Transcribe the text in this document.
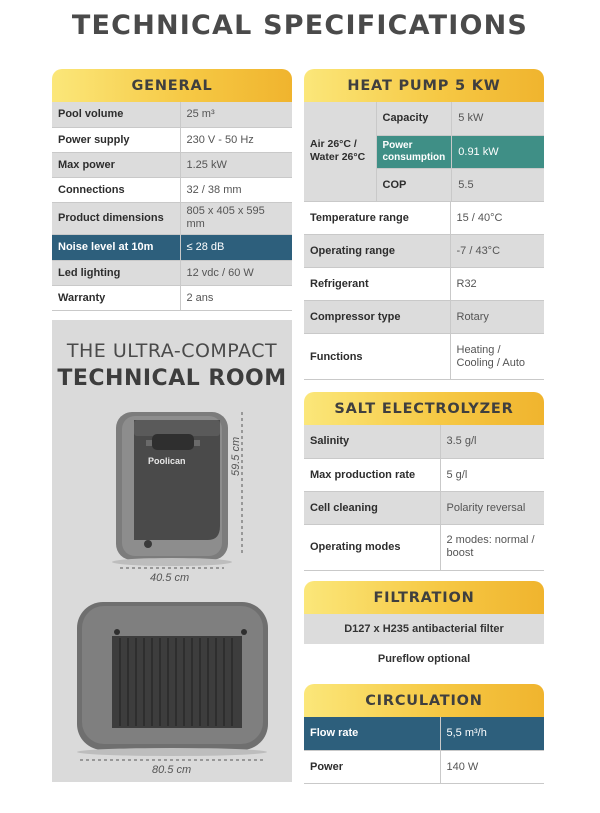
TECHNICAL SPECIFICATIONS
GENERAL
Pool volume	25 m³
Power supply	230 V - 50 Hz
Max power	1.25 kW
Connections	32 / 38 mm
Product dimensions	805 x 405 x 595 mm
Noise level at 10m	≤ 28 dB
Led lighting	12 vdc / 60 W
Warranty	2 ans
THE ULTRA-COMPACT
TECHNICAL ROOM
Poolican	59.5 cm
40.5 cm
80.5 cm
HEAT PUMP 5 KW
Air 26°C / Water 26°C	Capacity	5 kW
	Power consumption	0.91 kW
	COP	5.5
Temperature range	15 / 40°C
Operating range	-7 / 43°C
Refrigerant	R32
Compressor type	Rotary
Functions	Heating / Cooling / Auto
SALT ELECTROLYZER
Salinity	3.5 g/l
Max production rate	5 g/l
Cell cleaning	Polarity reversal
Operating modes	2 modes: normal / boost
FILTRATION
D127 x H235 antibacterial filter
Pureflow optional
CIRCULATION
Flow rate	5,5 m³/h
Power	140 W
